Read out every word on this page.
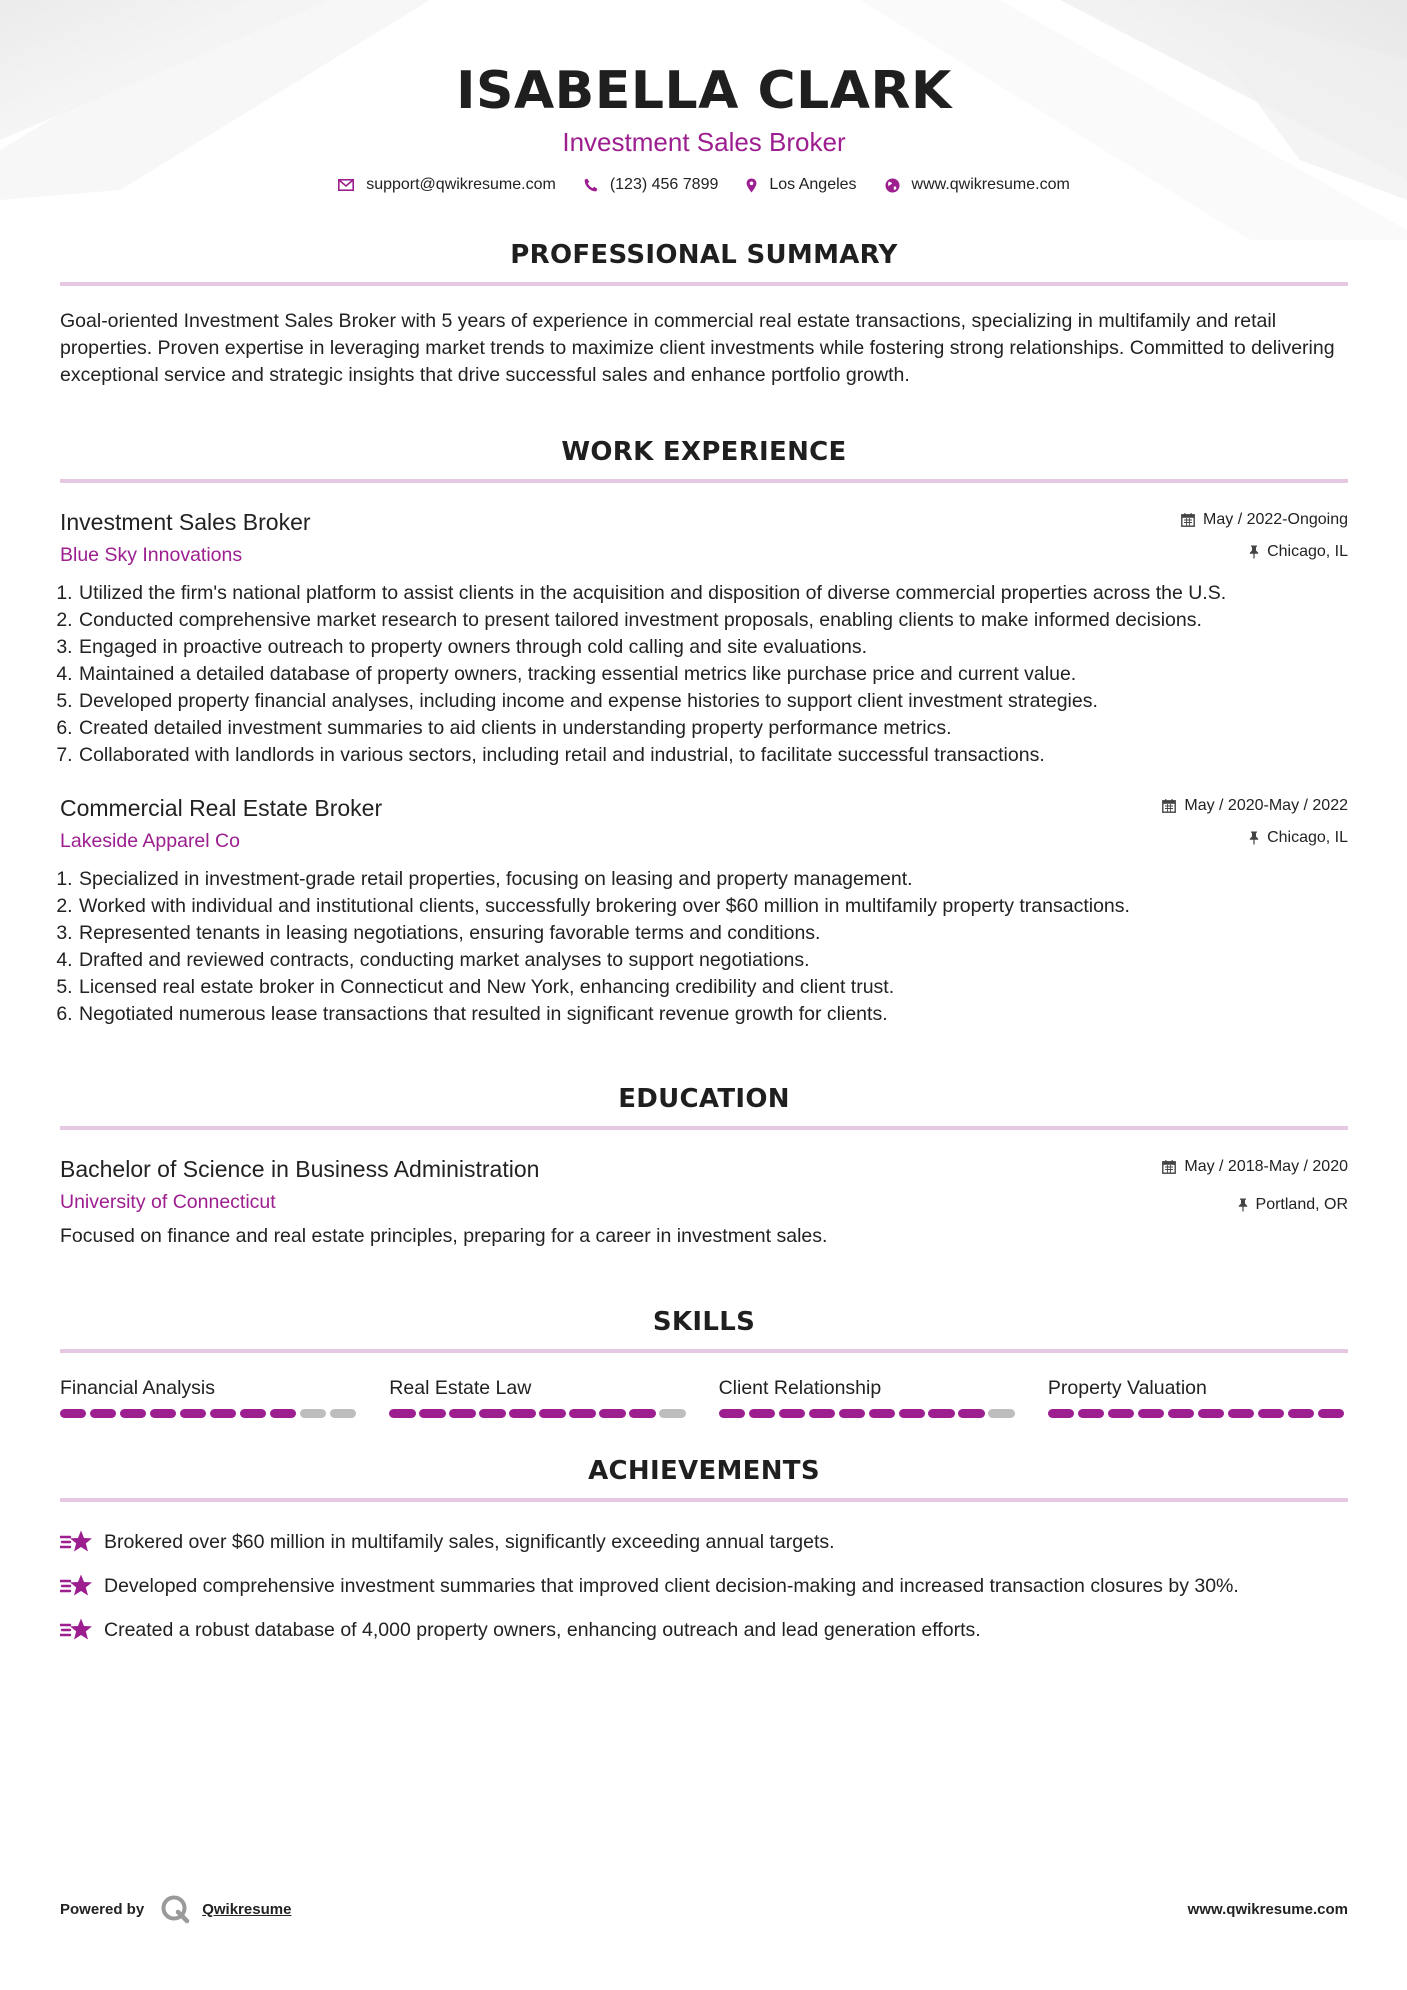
ISABELLA CLARK
Investment Sales Broker
support@qwikresume.com	(123) 456 7899	Los Angeles	www.qwikresume.com
PROFESSIONAL SUMMARY
Goal-oriented Investment Sales Broker with 5 years of experience in commercial real estate transactions, specializing in multifamily and retail properties. Proven expertise in leveraging market trends to maximize client investments while fostering strong relationships. Committed to delivering exceptional service and strategic insights that drive successful sales and enhance portfolio growth.
WORK EXPERIENCE
Investment Sales Broker
Blue Sky Innovations
May / 2022-Ongoing
Chicago, IL
1. Utilized the firm's national platform to assist clients in the acquisition and disposition of diverse commercial properties across the U.S.
2. Conducted comprehensive market research to present tailored investment proposals, enabling clients to make informed decisions.
3. Engaged in proactive outreach to property owners through cold calling and site evaluations.
4. Maintained a detailed database of property owners, tracking essential metrics like purchase price and current value.
5. Developed property financial analyses, including income and expense histories to support client investment strategies.
6. Created detailed investment summaries to aid clients in understanding property performance metrics.
7. Collaborated with landlords in various sectors, including retail and industrial, to facilitate successful transactions.
Commercial Real Estate Broker
Lakeside Apparel Co
May / 2020-May / 2022
Chicago, IL
1. Specialized in investment-grade retail properties, focusing on leasing and property management.
2. Worked with individual and institutional clients, successfully brokering over $60 million in multifamily property transactions.
3. Represented tenants in leasing negotiations, ensuring favorable terms and conditions.
4. Drafted and reviewed contracts, conducting market analyses to support negotiations.
5. Licensed real estate broker in Connecticut and New York, enhancing credibility and client trust.
6. Negotiated numerous lease transactions that resulted in significant revenue growth for clients.
EDUCATION
Bachelor of Science in Business Administration
University of Connecticut
May / 2018-May / 2020
Portland, OR
Focused on finance and real estate principles, preparing for a career in investment sales.
SKILLS
Financial Analysis	Real Estate Law	Client Relationship	Property Valuation
ACHIEVEMENTS
Brokered over $60 million in multifamily sales, significantly exceeding annual targets.
Developed comprehensive investment summaries that improved client decision-making and increased transaction closures by 30%.
Created a robust database of 4,000 property owners, enhancing outreach and lead generation efforts.
Powered by	Qwikresume	www.qwikresume.com
